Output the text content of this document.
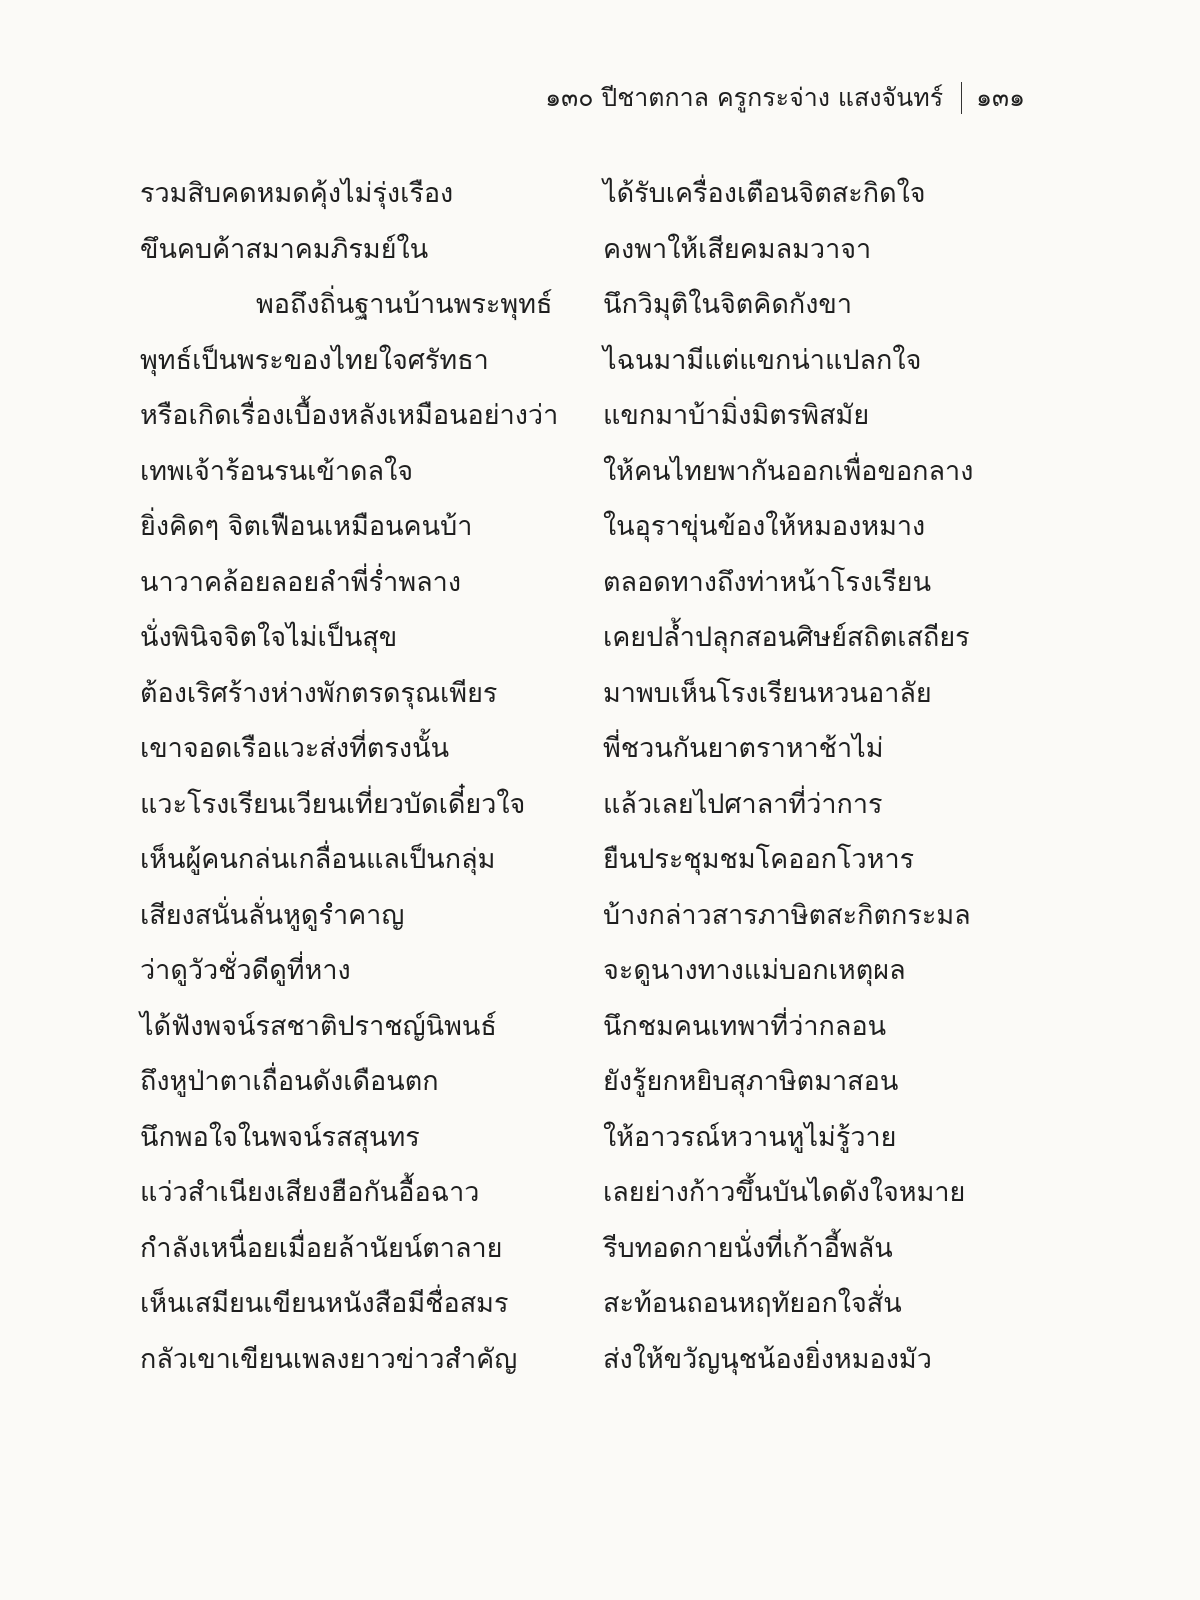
๑๓๐ ปีชาตกาล ครูกระจ่าง แสงจันทร์ ๑๓๑
รวมสิบคดหมดคุ้งไม่รุ่งเรือง	ได้รับเครื่องเตือนจิตสะกิดใจ
ขึนคบค้าสมาคมภิรมย์ใน	คงพาให้เสียคมลมวาจา
พอถึงถิ่นฐานบ้านพระพุทธ์ นึกวิมุติในจิตคิดกังขา
พุทธ์เป็นพระของไทยใจศรัทธา	ไฉนมามีแต่แขกน่าแปลกใจ
หรือเกิดเรื่องเบื้องหลังเหมือนอย่างว่า แขกมาบ้ามิ่งมิตรพิสมัย
เทพเจ้าร้อนรนเข้าดลใจ	ให้คนไทยพากันออกเพื่อขอกลาง
ยิ่งคิดๆ จิตเฟือนเหมือนคนบ้า	ในอุราขุ่นข้องให้หมองหมาง
นาวาคล้อยลอยลำพี่ร่ำพลาง	ตลอดทางถึงท่าหน้าโรงเรียน
นั่งพินิจจิตใจไม่เป็นสุข	เคยปล้ำปลุกสอนศิษย์สถิตเสถียร
ต้องเริศร้างห่างพักตรดรุณเพียร	มาพบเห็นโรงเรียนหวนอาลัย
เขาจอดเรือแวะส่งที่ตรงนั้น	พี่ชวนกันยาตราหาช้าไม่
แวะโรงเรียนเวียนเที่ยวบัดเดี๋ยวใจ	แล้วเลยไปศาลาที่ว่าการ
เห็นผู้คนกล่นเกลื่อนแลเป็นกลุ่ม	ยืนประชุมชมโคออกโวหาร
เสียงสนั่นลั่นหูดูรำคาญ	บ้างกล่าวสารภาษิตสะกิตกระมล
ว่าดูวัวชั่วดีดูที่หาง	จะดูนางทางแม่บอกเหตุผล
ได้ฟังพจน์รสชาติปราชญ์นิพนธ์	นึกชมคนเทพาที่ว่ากลอน
ถึงหูป่าตาเถื่อนดังเดือนตก	ยังรู้ยกหยิบสุภาษิตมาสอน
นึกพอใจในพจน์รสสุนทร	ให้อาวรณ์หวานหูไม่รู้วาย
แว่วสำเนียงเสียงฮือกันอื้อฉาว	เลยย่างก้าวขึ้นบันไดดังใจหมาย
กำลังเหนื่อยเมื่อยล้านัยน์ตาลาย	รีบทอดกายนั่งที่เก้าอี้พลัน
เห็นเสมียนเขียนหนังสือมีชื่อสมร	สะท้อนถอนหฤทัยอกใจสั่น
กลัวเขาเขียนเพลงยาวข่าวสำคัญ	ส่งให้ขวัญนุชน้องยิ่งหมองมัว
